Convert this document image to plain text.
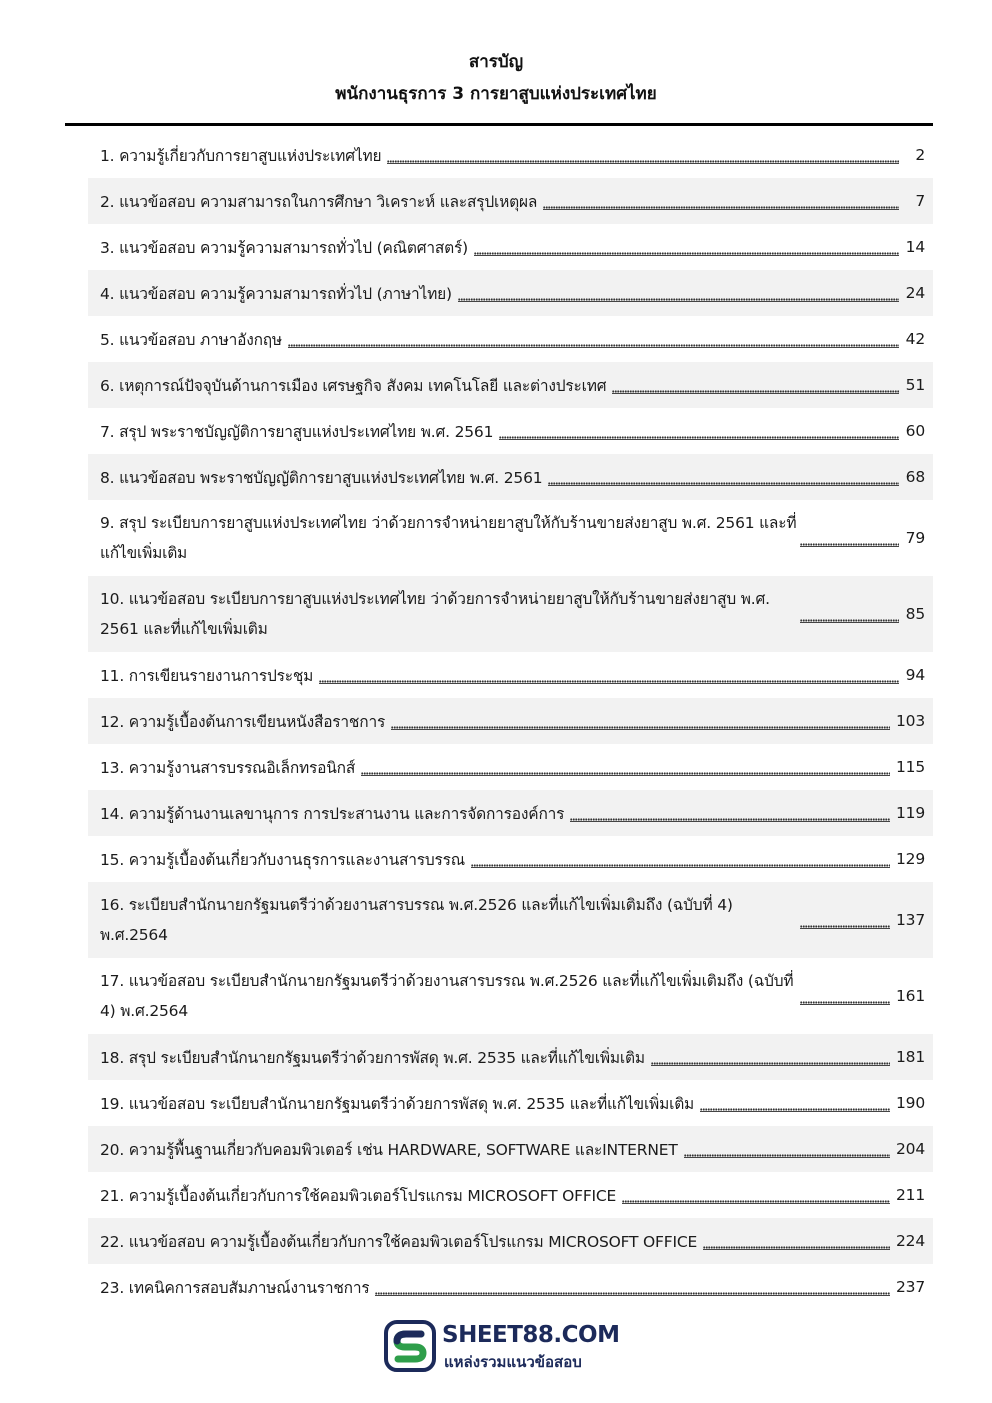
สารบัญ
พนักงานธุรการ 3 การยาสูบแห่งประเทศไทย
1. ความรู้เกี่ยวกับการยาสูบแห่งประเทศไทย	2
2. แนวข้อสอบ ความสามารถในการศึกษา วิเคราะห์ และสรุปเหตุผล	7
3. แนวข้อสอบ ความรู้ความสามารถทั่วไป (คณิตศาสตร์)	14
4. แนวข้อสอบ ความรู้ความสามารถทั่วไป (ภาษาไทย)	24
5. แนวข้อสอบ ภาษาอังกฤษ	42
6. เหตุการณ์ปัจจุบันด้านการเมือง เศรษฐกิจ สังคม เทคโนโลยี และต่างประเทศ	51
7. สรุป พระราชบัญญัติการยาสูบแห่งประเทศไทย พ.ศ. 2561	60
8. แนวข้อสอบ พระราชบัญญัติการยาสูบแห่งประเทศไทย พ.ศ. 2561	68
9. สรุป ระเบียบการยาสูบแห่งประเทศไทย ว่าด้วยการจำหน่ายยาสูบให้กับร้านขายส่งยาสูบ พ.ศ. 2561 และที่แก้ไขเพิ่มเติม
79
10. แนวข้อสอบ ระเบียบการยาสูบแห่งประเทศไทย ว่าด้วยการจำหน่ายยาสูบให้กับร้านขายส่งยาสูบ พ.ศ. 2561 และที่แก้ไขเพิ่มเติม
85
11. การเขียนรายงานการประชุม	94
12. ความรู้เบื้องต้นการเขียนหนังสือราชการ	103
13. ความรู้งานสารบรรณอิเล็กทรอนิกส์	115
14. ความรู้ด้านงานเลขานุการ การประสานงาน และการจัดการองค์การ	119
15. ความรู้เบื้องต้นเกี่ยวกับงานธุรการและงานสารบรรณ	129
16. ระเบียบสำนักนายกรัฐมนตรีว่าด้วยงานสารบรรณ พ.ศ.2526 และที่แก้ไขเพิ่มเติมถึง (ฉบับที่ 4) พ.ศ.2564
137
17. แนวข้อสอบ ระเบียบสำนักนายกรัฐมนตรีว่าด้วยงานสารบรรณ พ.ศ.2526 และที่แก้ไขเพิ่มเติมถึง (ฉบับที่ 4) พ.ศ.2564
161
18. สรุป ระเบียบสำนักนายกรัฐมนตรีว่าด้วยการพัสดุ พ.ศ. 2535 และที่แก้ไขเพิ่มเติม	181
19. แนวข้อสอบ ระเบียบสำนักนายกรัฐมนตรีว่าด้วยการพัสดุ พ.ศ. 2535 และที่แก้ไขเพิ่มเติม	190
20. ความรู้พื้นฐานเกี่ยวกับคอมพิวเตอร์ เช่น HARDWARE, SOFTWARE และINTERNET	204
21. ความรู้เบื้องต้นเกี่ยวกับการใช้คอมพิวเตอร์โปรแกรม MICROSOFT OFFICE	211
22. แนวข้อสอบ ความรู้เบื้องต้นเกี่ยวกับการใช้คอมพิวเตอร์โปรแกรม MICROSOFT OFFICE	224
23. เทคนิคการสอบสัมภาษณ์งานราชการ	237
SHEET88.COM
แหล่งรวมแนวข้อสอบ
